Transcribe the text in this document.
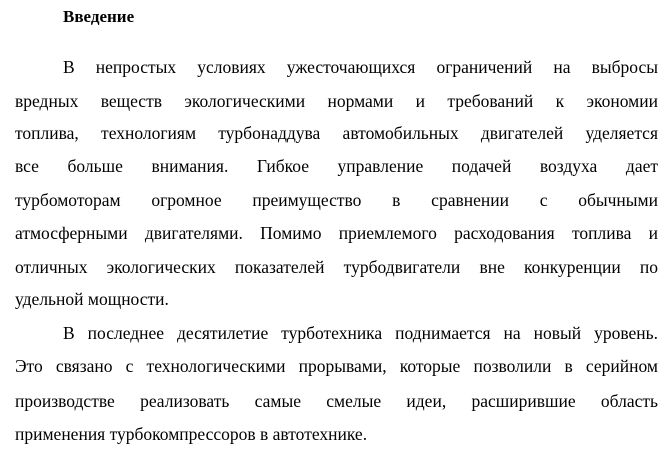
Введение
В непростых условиях ужесточающихся ограничений на выбросы
вредных веществ экологическими нормами и требований к экономии
топлива, технологиям турбонаддува автомобильных двигателей уделяется
все больше внимания. Гибкое управление подачей воздуха дает
турбомоторам огромное преимущество в сравнении с обычными
атмосферными двигателями. Помимо приемлемого расходования топлива и
отличных экологических показателей турбодвигатели вне конкуренции по
удельной мощности.
В последнее десятилетие турботехника поднимается на новый уровень.
Это связано с технологическими прорывами, которые позволили в серийном
производстве реализовать самые смелые идеи, расширившие область
применения турбокомпрессоров в автотехнике.
